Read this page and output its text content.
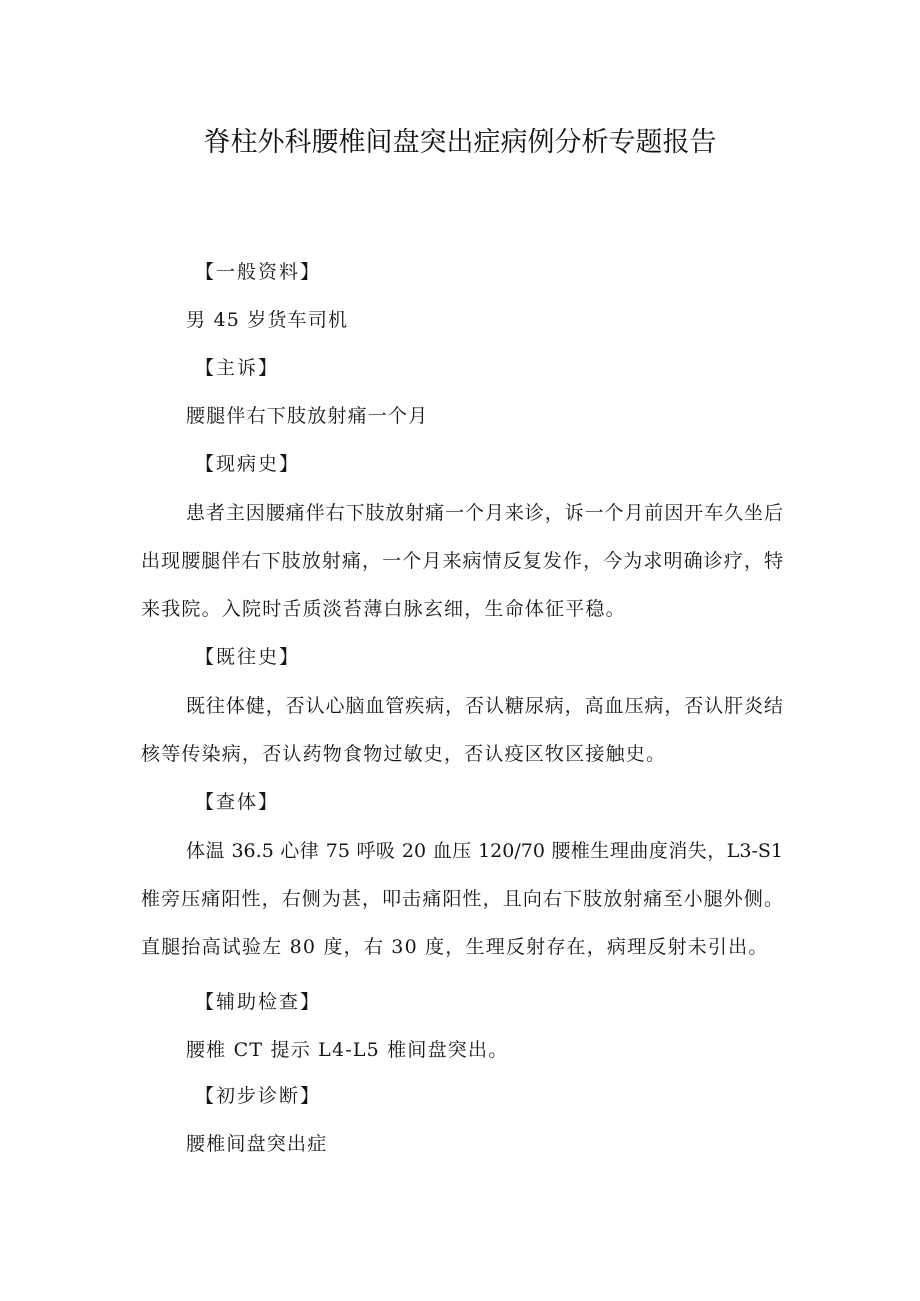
脊柱外科腰椎间盘突出症病例分析专题报告
【一般资料】
男 45 岁货车司机
【主诉】
腰腿伴右下肢放射痛一个月
【现病史】
患者主因腰痛伴右下肢放射痛一个月来诊，诉一个月前因开车久坐后
出现腰腿伴右下肢放射痛，一个月来病情反复发作，今为求明确诊疗，特
来我院。入院时舌质淡苔薄白脉玄细，生命体征平稳。
【既往史】
既往体健，否认心脑血管疾病，否认糖尿病，高血压病，否认肝炎结
核等传染病，否认药物食物过敏史，否认疫区牧区接触史。
【查体】
体温 36.5 心律 75 呼吸 20 血压 120/70 腰椎生理曲度消失，L3-S1
椎旁压痛阳性，右侧为甚，叩击痛阳性，且向右下肢放射痛至小腿外侧。
直腿抬高试验左 80 度，右 30 度，生理反射存在，病理反射未引出。
【辅助检查】
腰椎 CT 提示 L4-L5 椎间盘突出。
【初步诊断】
腰椎间盘突出症
